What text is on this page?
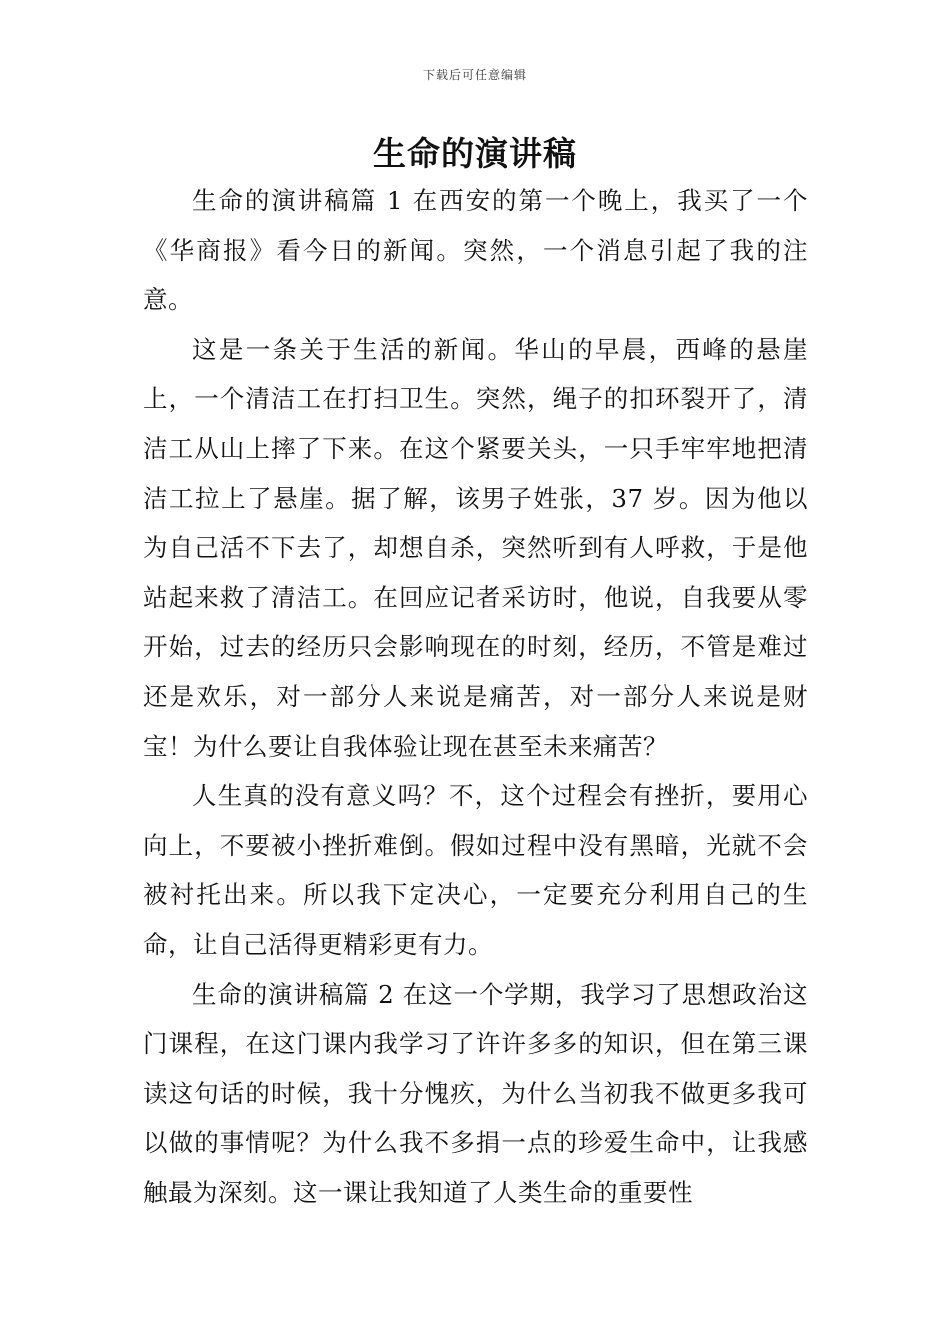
下载后可任意编辑
生命的演讲稿

生命的演讲稿篇 1 在西安的第一个晚上，我买了一个《华商报》看今日的新闻。突然，一个消息引起了我的注意。

这是一条关于生活的新闻。华山的早晨，西峰的悬崖上，一个清洁工在打扫卫生。突然，绳子的扣环裂开了，清洁工从山上摔了下来。在这个紧要关头，一只手牢牢地把清洁工拉上了悬崖。据了解，该男子姓张，37 岁。因为他以为自己活不下去了，却想自杀，突然听到有人呼救，于是他站起来救了清洁工。在回应记者采访时，他说，自我要从零开始，过去的经历只会影响现在的时刻，经历，不管是难过还是欢乐，对一部分人来说是痛苦，对一部分人来说是财宝！为什么要让自我体验让现在甚至未来痛苦？

人生真的没有意义吗？不，这个过程会有挫折，要用心向上，不要被小挫折难倒。假如过程中没有黑暗，光就不会被衬托出来。所以我下定决心，一定要充分利用自己的生命，让自己活得更精彩更有力。

生命的演讲稿篇 2 在这一个学期，我学习了思想政治这门课程，在这门课内我学习了许许多多的知识，但在第三课读这句话的时候，我十分愧疚，为什么当初我不做更多我可以做的事情呢？为什么我不多捐一点的珍爱生命中，让我感触最为深刻。这一课让我知道了人类生命的重要性
